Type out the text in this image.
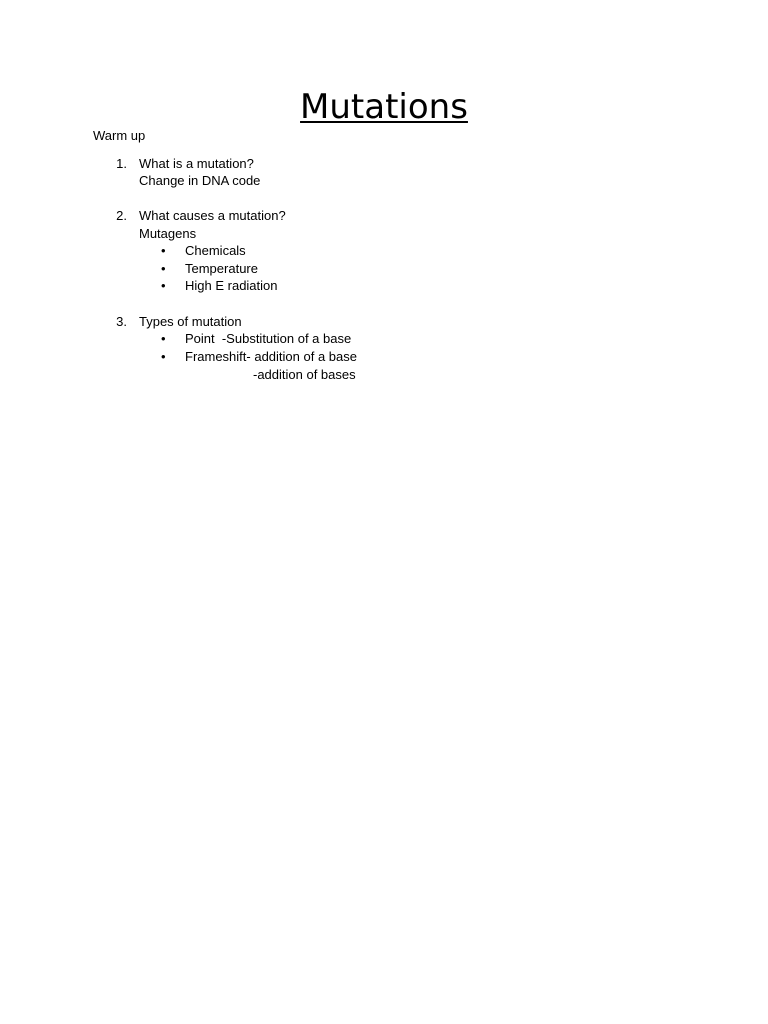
Mutations
Warm up
1. What is a mutation?
Change in DNA code
2. What causes a mutation?
Mutagens
• Chemicals
• Temperature
• High E radiation
3. Types of mutation
• Point  -Substitution of a base
• Frameshift- addition of a base
-addition of bases
